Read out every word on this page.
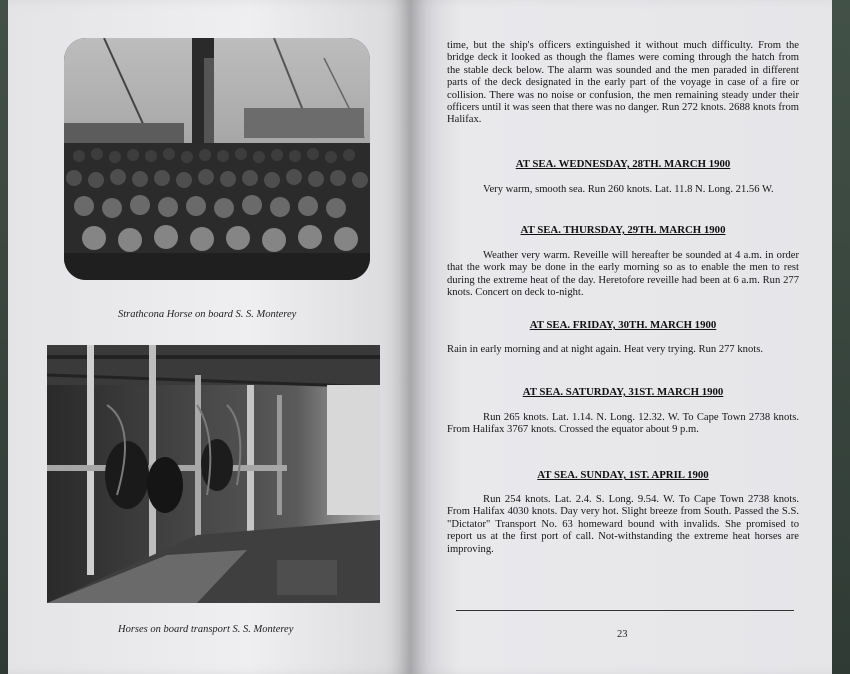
Strathcona Horse on board S. S. Monterey
Horses on board transport S. S. Monterey

time, but the ship's officers extinguished it without much difficulty. From the bridge deck it looked as though the flames were coming through the hatch from the stable deck below. The alarm was sounded and the men paraded in different parts of the deck designated in the early part of the voyage in case of a fire or collision. There was no noise or confusion, the men remaining steady under their officers until it was seen that there was no danger. Run 272 knots. 2688 knots from Halifax.

AT SEA. WEDNESDAY, 28TH. MARCH 1900

Very warm, smooth sea. Run 260 knots. Lat. 11.8 N. Long. 21.56 W.

AT SEA. THURSDAY, 29TH. MARCH 1900

Weather very warm. Reveille will hereafter be sounded at 4 a.m. in order that the work may be done in the early morning so as to enable the men to rest during the extreme heat of the day. Heretofore reveille had been at 6 a.m. Run 277 knots. Concert on deck to-night.

AT SEA. FRIDAY, 30TH. MARCH 1900

Rain in early morning and at night again. Heat very trying. Run 277 knots.

AT SEA. SATURDAY, 31ST. MARCH 1900

Run 265 knots. Lat. 1.14. N. Long. 12.32. W. To Cape Town 2738 knots. From Halifax 3767 knots. Crossed the equator about 9 p.m.

AT SEA. SUNDAY, 1ST. APRIL 1900

Run 254 knots. Lat. 2.4. S. Long. 9.54. W. To Cape Town 2738 knots. From Halifax 4030 knots. Day very hot. Slight breeze from South. Passed the S.S. "Dictator" Transport No. 63 homeward bound with invalids. She promised to report us at the first port of call. Not-withstanding the extreme heat horses are improving.

23
